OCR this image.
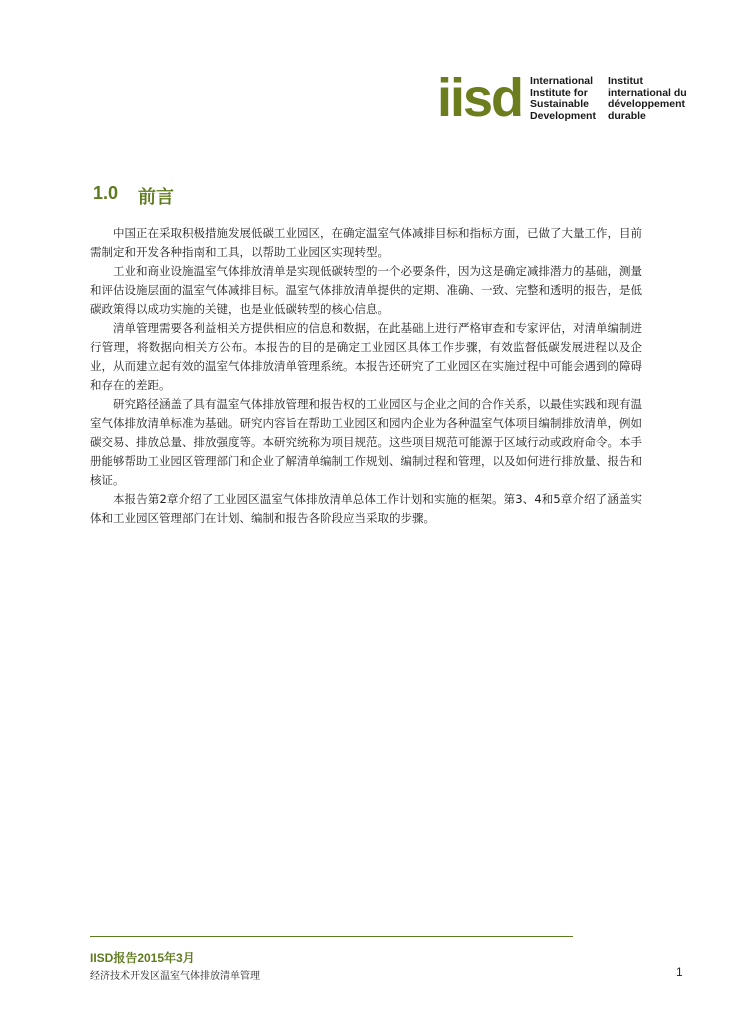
iisd International
Institute for
Sustainable
Development
Institut
international du
développement
durable
1.0 前言

中国正在采取积极措施发展低碳工业园区，在确定温室气体减排目标和指标方面，已做了大量工作，目前需制定和开发各种指南和工具，以帮助工业园区实现转型。

工业和商业设施温室气体排放清单是实现低碳转型的一个必要条件，因为这是确定减排潜力的基础，测量和评估设施层面的温室气体减排目标。温室气体排放清单提供的定期、准确、一致、完整和透明的报告，是低碳政策得以成功实施的关键，也是业低碳转型的核心信息。

清单管理需要各利益相关方提供相应的信息和数据，在此基础上进行严格审查和专家评估，对清单编制进行管理，将数据向相关方公布。本报告的目的是确定工业园区具体工作步骤，有效监督低碳发展进程以及企业，从而建立起有效的温室气体排放清单管理系统。本报告还研究了工业园区在实施过程中可能会遇到的障碍和存在的差距。

研究路径涵盖了具有温室气体排放管理和报告权的工业园区与企业之间的合作关系，以最佳实践和现有温室气体排放清单标准为基础。研究内容旨在帮助工业园区和园内企业为各种温室气体项目编制排放清单，例如碳交易、排放总量、排放强度等。本研究统称为项目规范。这些项目规范可能源于区域行动或政府命令。本手册能够帮助工业园区管理部门和企业了解清单编制工作规划、编制过程和管理，以及如何进行排放量、报告和核证。

本报告第2章介绍了工业园区温室气体排放清单总体工作计划和实施的框架。第3、4和5章介绍了涵盖实体和工业园区管理部门在计划、编制和报告各阶段应当采取的步骤。

IISD报告2015年3月
经济技术开发区温室气体排放清单管理	1
